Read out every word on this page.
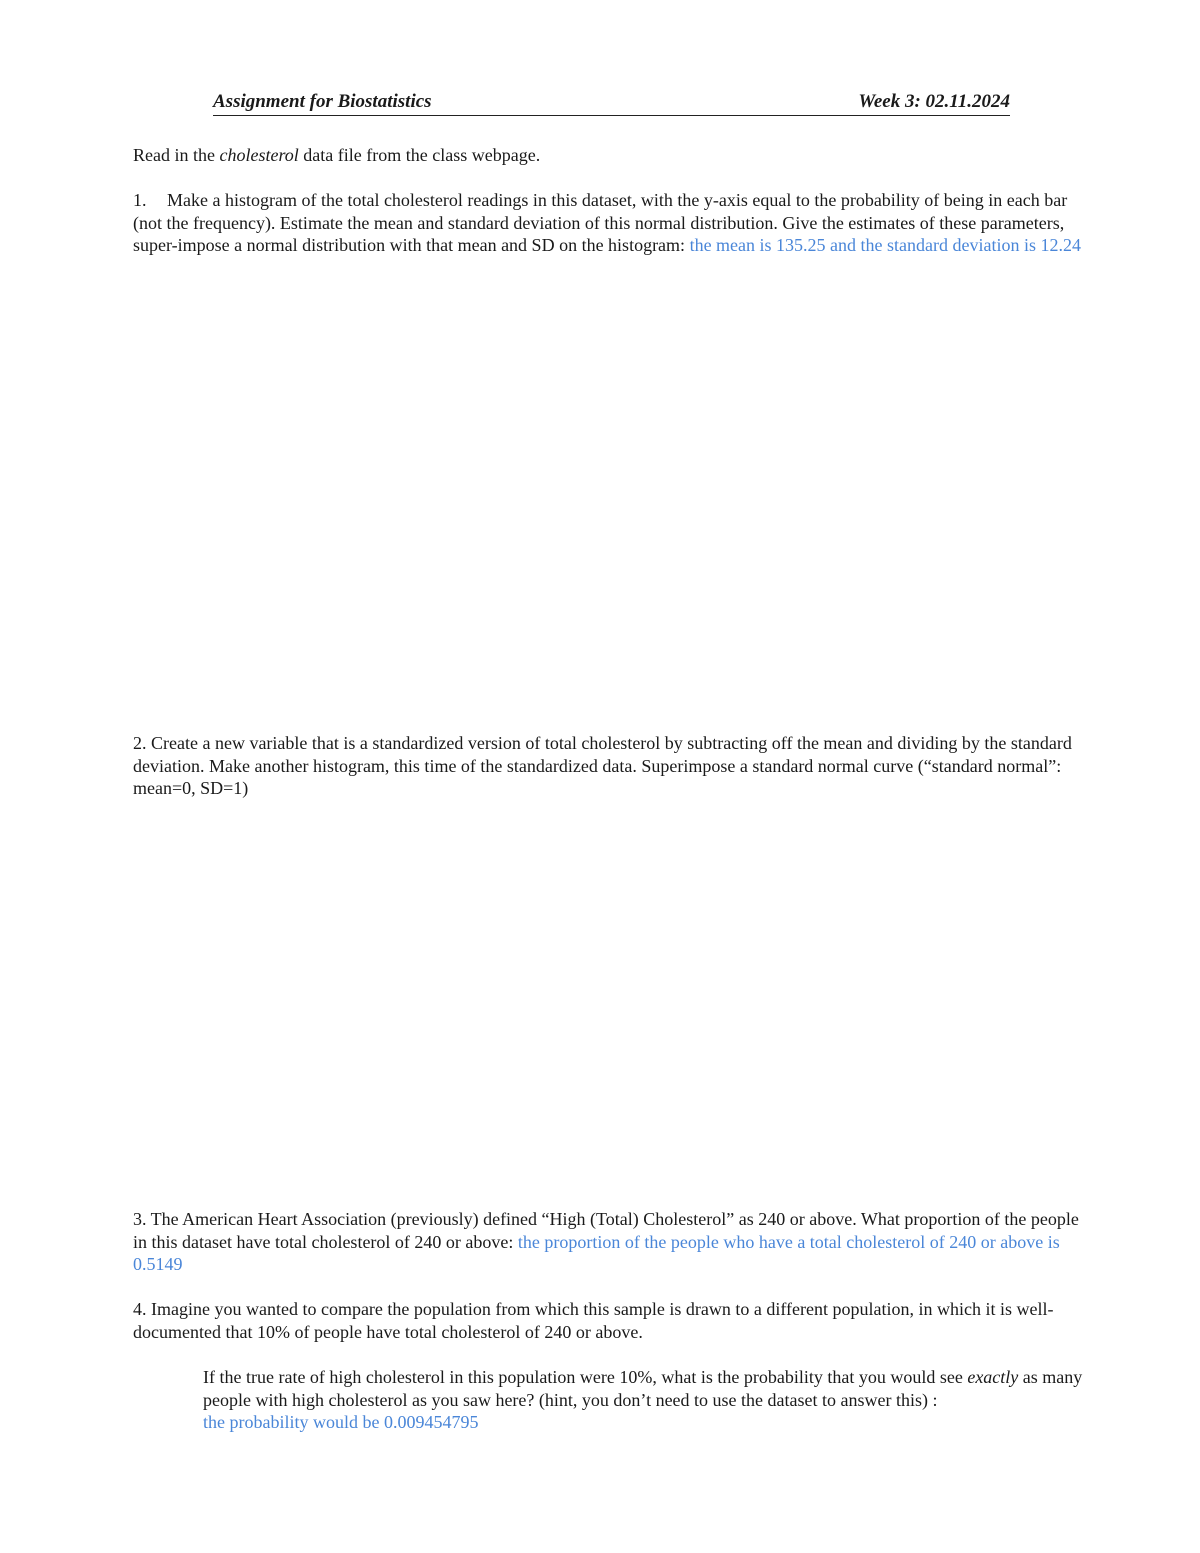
Assignment for Biostatistics	Week 3: 02.11.2024

Read in the cholesterol data file from the class webpage.

1. Make a histogram of the total cholesterol readings in this dataset, with the y-axis equal to the probability of being in each bar (not the frequency). Estimate the mean and standard deviation of this normal distribution. Give the estimates of these parameters, super-impose a normal distribution with that mean and SD on the histogram: the mean is 135.25 and the standard deviation is 12.24

2. Create a new variable that is a standardized version of total cholesterol by subtracting off the mean and dividing by the standard deviation. Make another histogram, this time of the standardized data. Superimpose a standard normal curve (“standard normal”: mean=0, SD=1)

3. The American Heart Association (previously) defined “High (Total) Cholesterol” as 240 or above. What proportion of the people in this dataset have total cholesterol of 240 or above: the proportion of the people who have a total cholesterol of 240 or above is 0.5149

4. Imagine you wanted to compare the population from which this sample is drawn to a different population, in which it is well-documented that 10% of people have total cholesterol of 240 or above.

If the true rate of high cholesterol in this population were 10%, what is the probability that you would see exactly as many people with high cholesterol as you saw here? (hint, you don’t need to use the dataset to answer this) :
the probability would be 0.009454795
